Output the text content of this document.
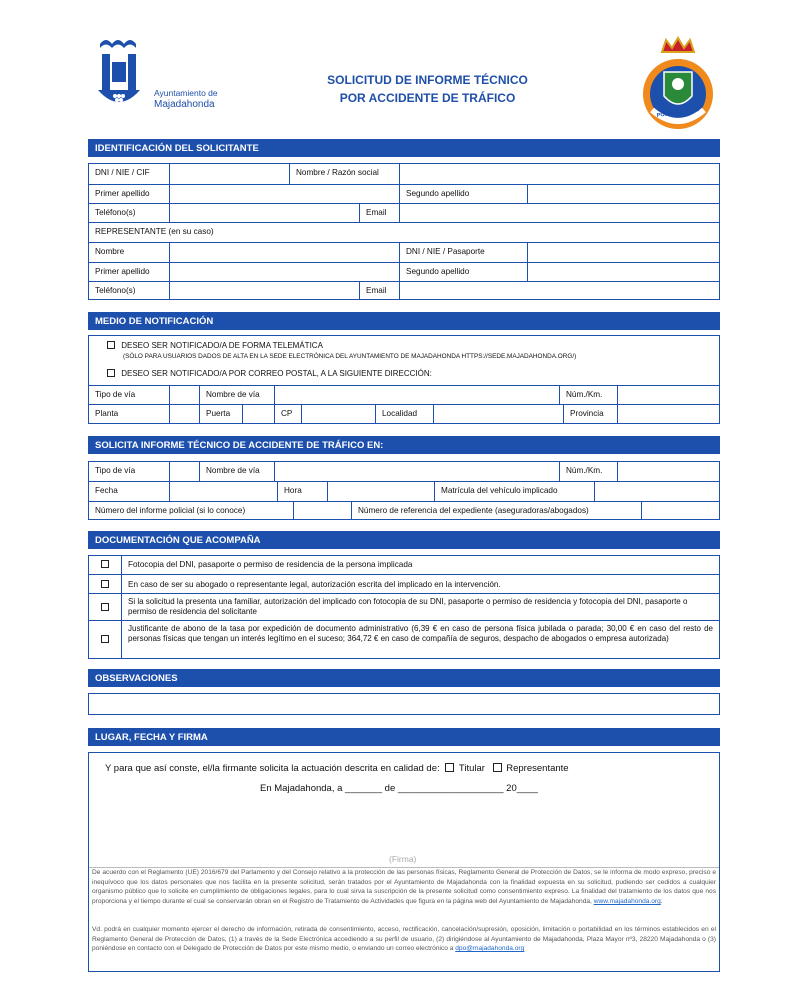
Ayuntamiento de
Majadahonda
SOLICITUD DE INFORME TÉCNICO
POR ACCIDENTE DE TRÁFICO
POLICIA LOCAL
IDENTIFICACIÓN DEL SOLICITANTE
DNI / NIE / CIF	Nombre / Razón social
Primer apellido	Segundo apellido
Teléfono(s)	Email
REPRESENTANTE (en su caso)
Nombre	DNI / NIE / Pasaporte
Primer apellido	Segundo apellido
Teléfono(s)	Email
MEDIO DE NOTIFICACIÓN
DESEO SER NOTIFICADO/A DE FORMA TELEMÁTICA
(SÓLO PARA USUARIOS DADOS DE ALTA EN LA SEDE ELECTRÓNICA DEL AYUNTAMIENTO DE MAJADAHONDA HTTPS://SEDE.MAJADAHONDA.ORG/)
DESEO SER NOTIFICADO/A POR CORREO POSTAL, A LA SIGUIENTE DIRECCIÓN:
Tipo de vía	Nombre de vía	Núm./Km.
Planta	Puerta	CP	Localidad	Provincia
SOLICITA INFORME TÉCNICO DE ACCIDENTE DE TRÁFICO EN:
Tipo de vía	Nombre de vía	Núm./Km.
Fecha	Hora	Matrícula del vehículo implicado
Número del informe policial (si lo conoce)	Número de referencia del expediente (aseguradoras/abogados)
DOCUMENTACIÓN QUE ACOMPAÑA
Fotocopia del DNI, pasaporte o permiso de residencia de la persona implicada
En caso de ser su abogado o representante legal, autorización escrita del implicado en la intervención.
Si la solicitud la presenta una familiar, autorización del implicado con fotocopia de su DNI, pasaporte o permiso de residencia y fotocopia del DNI, pasaporte o permiso de residencia del solicitante
Justificante de abono de la tasa por expedición de documento administrativo (6,39 € en caso de persona física jubilada o parada; 30,00 € en caso del resto de personas físicas que tengan un interés legítimo en el suceso; 364,72 € en caso de compañía de seguros, despacho de abogados o empresa autorizada)
OBSERVACIONES
LUGAR, FECHA Y FIRMA
Y para que así conste, el/la firmante solicita la actuación descrita en calidad de: Titular Representante
En Majadahonda, a _______ de ____________________ 20____
(Firma)
De acuerdo con el Reglamento (UE) 2016/679 del Parlamento y del Consejo relativo a la protección de las personas físicas, Reglamento General de Protección de Datos, se le informa de modo expreso, preciso e inequívoco que los datos personales que nos facilita en la presente solicitud, serán tratados por el Ayuntamiento de Majadahonda con la finalidad expuesta en su solicitud, pudiendo ser cedidos a cualquier organismo público que lo solicite en cumplimiento de obligaciones legales, para lo cual sirva la suscripción de la presente solicitud como consentimiento expreso. La finalidad del tratamiento de los datos que nos proporciona y el tiempo durante el cual se conservarán obran en el Registro de Tratamiento de Actividades que figura en la página web del Ayuntamiento de Majadahonda, www.majadahonda.org.
Vd. podrá en cualquier momento ejercer el derecho de información, retirada de consentimiento, acceso, rectificación, cancelación/supresión, oposición, limitación o portabilidad en los términos establecidos en el Reglamento General de Protección de Datos, (1) a través de la Sede Electrónica accediendo a su perfil de usuario, (2) dirigiéndose al Ayuntamiento de Majadahonda, Plaza Mayor nº3, 28220 Majadahonda o (3) poniéndose en contacto con el Delegado de Protección de Datos por este mismo medio, o enviando un correo electrónico a dpo@majadahonda.org
